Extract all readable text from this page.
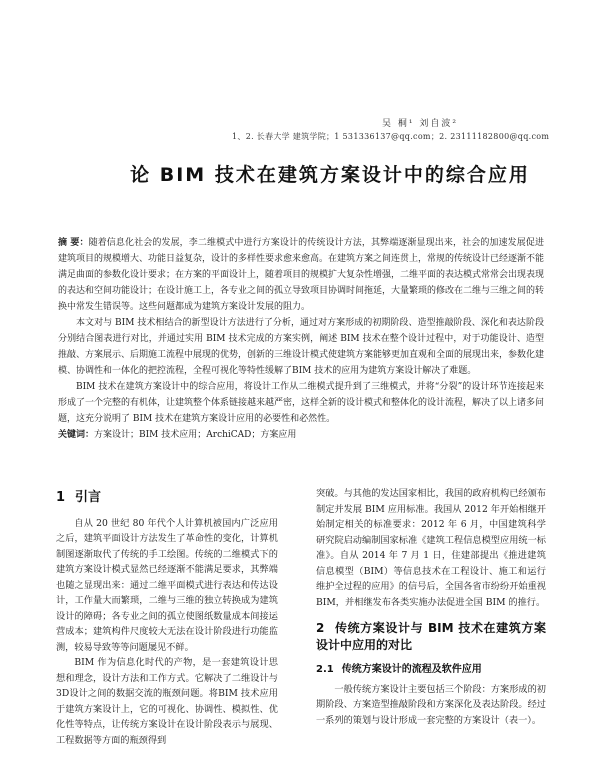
吴 桐¹ 刘自波²
1、2. 长春大学 建筑学院；1 531336137@qq.com；2. 23111182800@qq.com
论 BIM 技术在建筑方案设计中的综合应用

摘 要：随着信息化社会的发展，李二维模式中进行方案设计的传统设计方法，其弊端逐渐显现出来，社会的加速发展促进建筑项目的规模增大、功能日益复杂，设计的多样性要求愈来愈高。在建筑方案之间连贯上，常规的传统设计已经逐渐不能满足曲面的参数化设计要求；在方案的平面设计上，随着项目的规模扩大复杂性增强，二维平面的表达模式常常会出现表现的表达和空间功能设计；在设计施工上，各专业之间的孤立导致项目协调时间拖延，大量繁琐的修改在二维与三维之间的转换中常发生错误等。这些问题都成为建筑方案设计发展的阻力。

本文对与 BIM 技术相结合的新型设计方法进行了分析，通过对方案形成的初期阶段、造型推敲阶段、深化和表达阶段分别结合图表进行对比，并通过实用 BIM 技术完成的方案实例，阐述 BIM 技术在整个设计过程中，对于功能设计、造型推敲、方案展示、后期施工流程中展现的优势，创新的三维设计模式使建筑方案能够更加直观和全面的展现出来，参数化建模、协调性和一体化的把控流程，全程可视化等特性缓解了BIM 技术的应用为建筑方案设计解决了难题。

BIM 技术在建筑方案设计中的综合应用，将设计工作从二维模式提升到了三维模式，并将“分裂”的设计环节连接起来形成了一个完整的有机体，让建筑整个体系链接越来越严密，这样全新的设计模式和整体化的设计流程，解决了以上诸多问题，这充分说明了 BIM 技术在建筑方案设计应用的必要性和必然性。

关键词：方案设计；BIM 技术应用；ArchiCAD；方案应用

1 引言

自从 20 世纪 80 年代个人计算机被国内广泛应用之后，建筑平面设计方法发生了革命性的变化，计算机制图逐渐取代了传统的手工绘图。传统的二维模式下的建筑方案设计模式显然已经逐渐不能满足要求，其弊端也随之显现出来：通过二维平面模式进行表达和传达设计，工作量大而繁琐，二维与三维的独立转换成为建筑设计的障碍；各专业之间的孤立使图纸数量成本间接运营成本；建筑构件尺度较大无法在设计阶段进行功能监测，较易导致等等问题屡见不鲜。

BIM 作为信息化时代的产物，是一套建筑设计思想和理念，设计方法和工作方式。它解决了二维设计与3D设计之间的数据交流的瓶颈问题。将BIM 技术应用于建筑方案设计上，它的可视化、协调性、模拟性、优化性等特点，让传统方案设计在设计阶段表示与展现、工程数据等方面的瓶颈得到

突破。与其他的发达国家相比，我国的政府机构已经颁布制定并发展 BIM 应用标准。我国从 2012 年开始相继开始制定相关的标准要求：2012 年 6 月，中国建筑科学研究院启动编制国家标准《建筑工程信息模型应用统一标准》。自从 2014 年 7 月 1 日，住建部提出《推进建筑信息模型（BIM）等信息技术在工程设计、施工和运行维护全过程的应用》的信号后，全国各省市纷纷开始重视 BIM，并相继发布各类实施办法促进全国 BIM 的推行。

2 传统方案设计与 BIM 技术在建筑方案设计中应用的对比
2.1 传统方案设计的流程及软件应用

一般传统方案设计主要包括三个阶段：方案形成的初期阶段、方案造型推敲阶段和方案深化及表达阶段。经过一系列的策划与设计形成一套完整的方案设计（表一）。
